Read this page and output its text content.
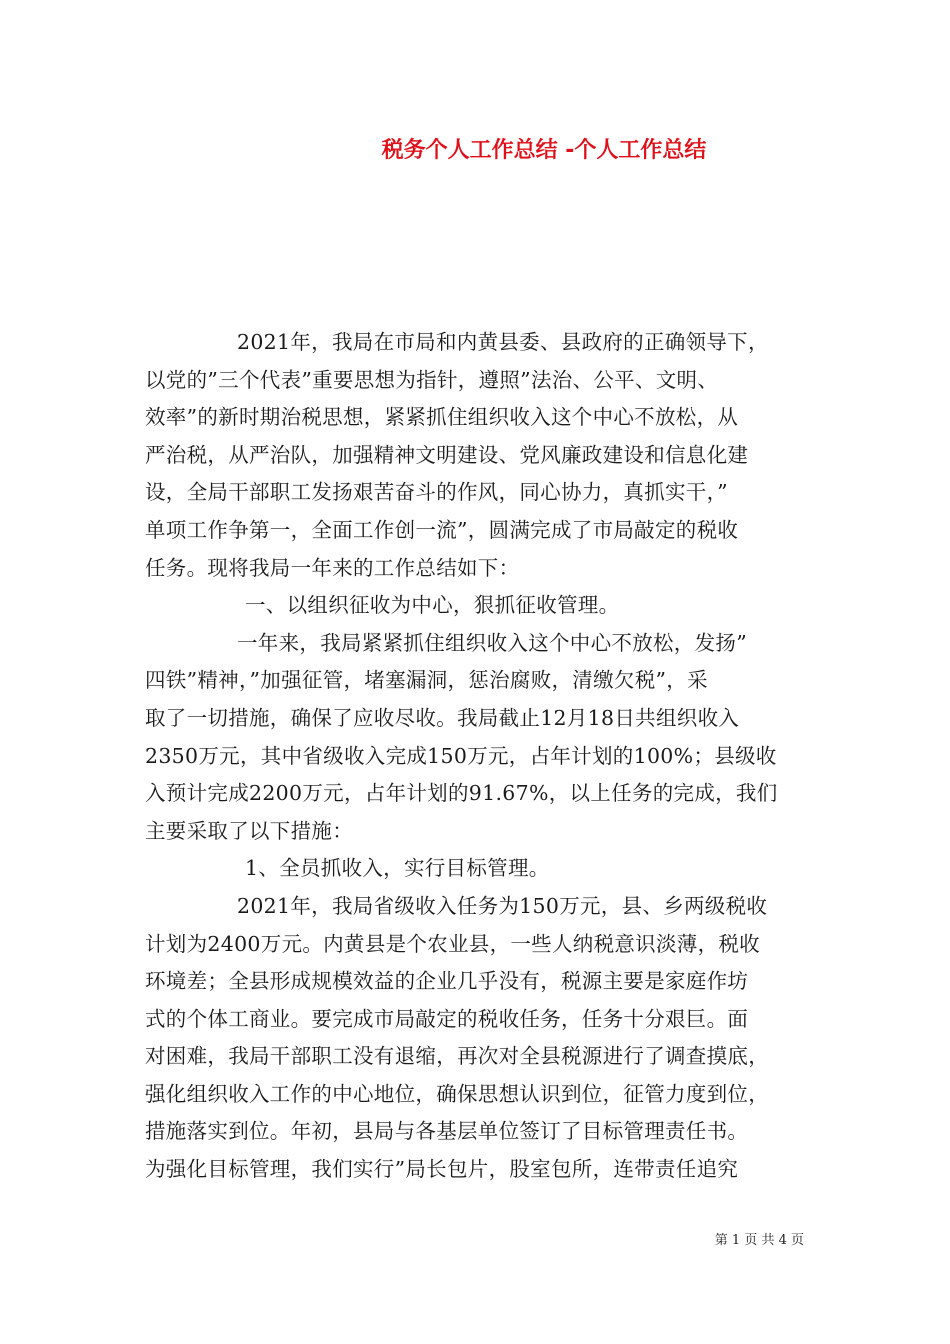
税务个人工作总结 -个人工作总结
2021年，我局在市局和内黄县委、县政府的正确领导下，
以党的”三个代表”重要思想为指针，遵照”法治、公平、文明、
效率”的新时期治税思想，紧紧抓住组织收入这个中心不放松，从
严治税，从严治队，加强精神文明建设、党风廉政建设和信息化建
设，全局干部职工发扬艰苦奋斗的作风，同心协力，真抓实干，”
单项工作争第一，全面工作创一流”，圆满完成了市局敲定的税收
任务。现将我局一年来的工作总结如下：
一、以组织征收为中心，狠抓征收管理。
一年来，我局紧紧抓住组织收入这个中心不放松，发扬”
四铁”精神，”加强征管，堵塞漏洞，惩治腐败，清缴欠税”，采
取了一切措施，确保了应收尽收。我局截止12月18日共组织收入
2350万元，其中省级收入完成150万元，占年计划的100%；县级收
入预计完成2200万元，占年计划的91.67%，以上任务的完成，我们
主要采取了以下措施：
1、全员抓收入，实行目标管理。
2021年，我局省级收入任务为150万元，县、乡两级税收
计划为2400万元。内黄县是个农业县，一些人纳税意识淡薄，税收
环境差；全县形成规模效益的企业几乎没有，税源主要是家庭作坊
式的个体工商业。要完成市局敲定的税收任务，任务十分艰巨。面
对困难，我局干部职工没有退缩，再次对全县税源进行了调查摸底，
强化组织收入工作的中心地位，确保思想认识到位，征管力度到位，
措施落实到位。年初，县局与各基层单位签订了目标管理责任书。
为强化目标管理，我们实行”局长包片，股室包所，连带责任追究
第 1 页 共 4 页
